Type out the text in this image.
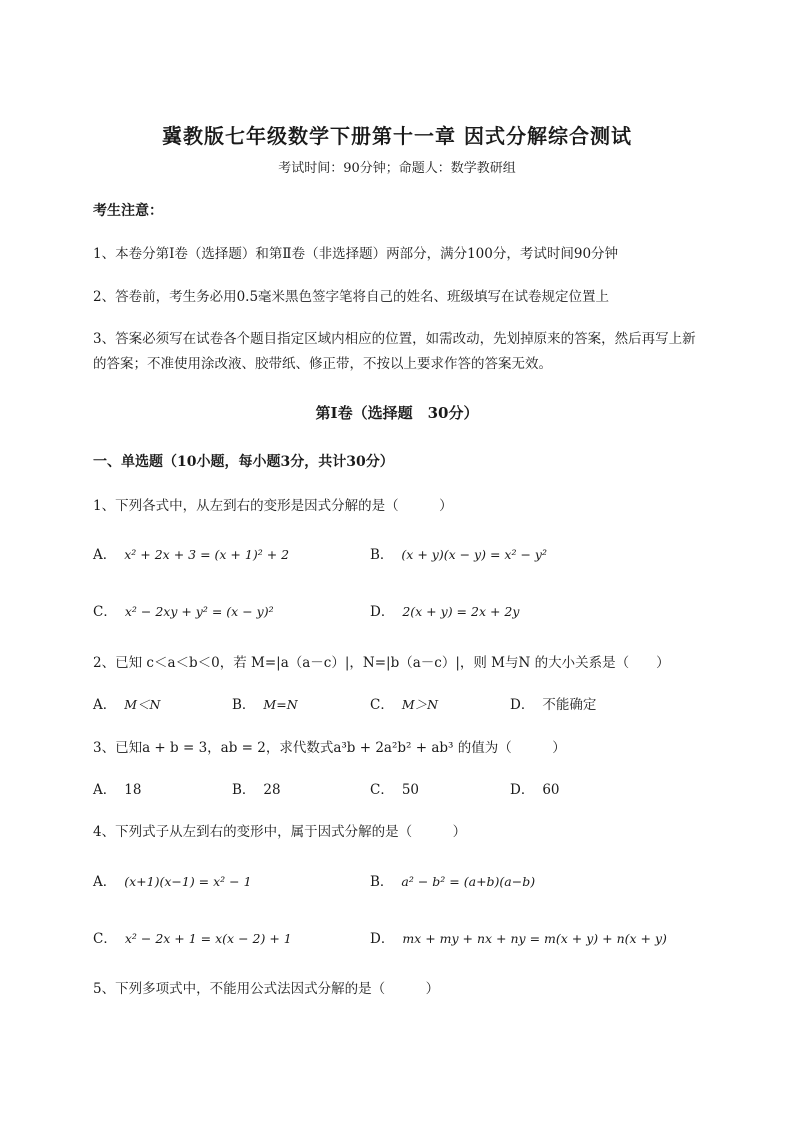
冀教版七年级数学下册第十一章 因式分解综合测试
考试时间：90分钟；命题人：数学教研组
考生注意：
1、本卷分第Ⅰ卷（选择题）和第Ⅱ卷（非选择题）两部分，满分100分，考试时间90分钟
2、答卷前，考生务必用0.5毫米黑色签字笔将自己的姓名、班级填写在试卷规定位置上
3、答案必须写在试卷各个题目指定区域内相应的位置，如需改动，先划掉原来的答案，然后再写上新
的答案；不准使用涂改液、胶带纸、修正带，不按以上要求作答的答案无效。
第Ⅰ卷（选择题　30分）
一、单选题（10小题，每小题3分，共计30分）
1、下列各式中，从左到右的变形是因式分解的是（　　　）
A． x² + 2x + 3 = (x + 1)² + 2	B． (x + y)(x − y) = x² − y²
C． x² − 2xy + y² = (x − y)²	D． 2(x + y) = 2x + 2y
2、已知 c＜a＜b＜0，若 M=|a（a－c）|，N=|b（a－c）|，则 M与N 的大小关系是（　　）
A． M＜N	B． M=N	C． M＞N	D． 不能确定
3、已知a + b = 3，ab = 2，求代数式a³b + 2a²b² + ab³ 的值为（　　　）
A． 18	B． 28	C． 50	D． 60
4、下列式子从左到右的变形中，属于因式分解的是（　　　）
A． (x+1)(x−1) = x² − 1	B． a² − b² = (a+b)(a−b)
C． x² − 2x + 1 = x(x − 2) + 1	D． mx + my + nx + ny = m(x + y) + n(x + y)
5、下列多项式中，不能用公式法因式分解的是（　　　）
